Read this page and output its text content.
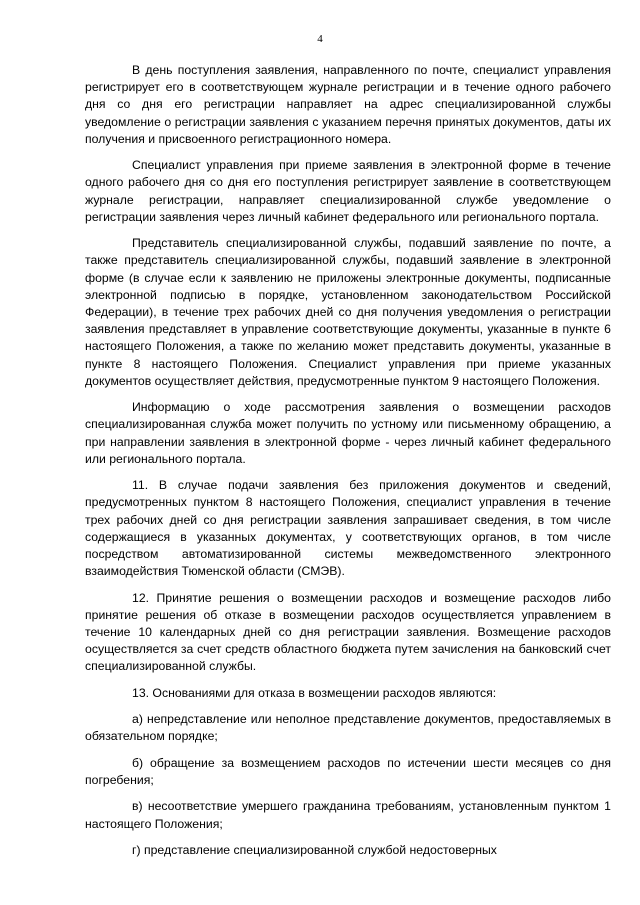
4

В день поступления заявления, направленного по почте, специалист управления регистрирует его в соответствующем журнале регистрации и в течение одного рабочего дня со дня его регистрации направляет на адрес специализированной службы уведомление о регистрации заявления с указанием перечня принятых документов, даты их получения и присвоенного регистрационного номера.

Специалист управления при приеме заявления в электронной форме в течение одного рабочего дня со дня его поступления регистрирует заявление в соответствующем журнале регистрации, направляет специализированной службе уведомление о регистрации заявления через личный кабинет федерального или регионального портала.

Представитель специализированной службы, подавший заявление по почте, а также представитель специализированной службы, подавший заявление в электронной форме (в случае если к заявлению не приложены электронные документы, подписанные электронной подписью в порядке, установленном законодательством Российской Федерации), в течение трех рабочих дней со дня получения уведомления о регистрации заявления представляет в управление соответствующие документы, указанные в пункте 6 настоящего Положения, а также по желанию может представить документы, указанные в пункте 8 настоящего Положения. Специалист управления при приеме указанных документов осуществляет действия, предусмотренные пунктом 9 настоящего Положения.

Информацию о ходе рассмотрения заявления о возмещении расходов специализированная служба может получить по устному или письменному обращению, а при направлении заявления в электронной форме - через личный кабинет федерального или регионального портала.

11. В случае подачи заявления без приложения документов и сведений, предусмотренных пунктом 8 настоящего Положения, специалист управления в течение трех рабочих дней со дня регистрации заявления запрашивает сведения, в том числе содержащиеся в указанных документах, у соответствующих органов, в том числе посредством автоматизированной системы межведомственного электронного взаимодействия Тюменской области (СМЭВ).

12. Принятие решения о возмещении расходов и возмещение расходов либо принятие решения об отказе в возмещении расходов осуществляется управлением в течение 10 календарных дней со дня регистрации заявления. Возмещение расходов осуществляется за счет средств областного бюджета путем зачисления на банковский счет специализированной службы.

13. Основаниями для отказа в возмещении расходов являются:

а) непредставление или неполное представление документов, предоставляемых в обязательном порядке;

б) обращение за возмещением расходов по истечении шести месяцев со дня погребения;

в) несоответствие умершего гражданина требованиям, установленным пунктом 1 настоящего Положения;

г) представление специализированной службой недостоверных
